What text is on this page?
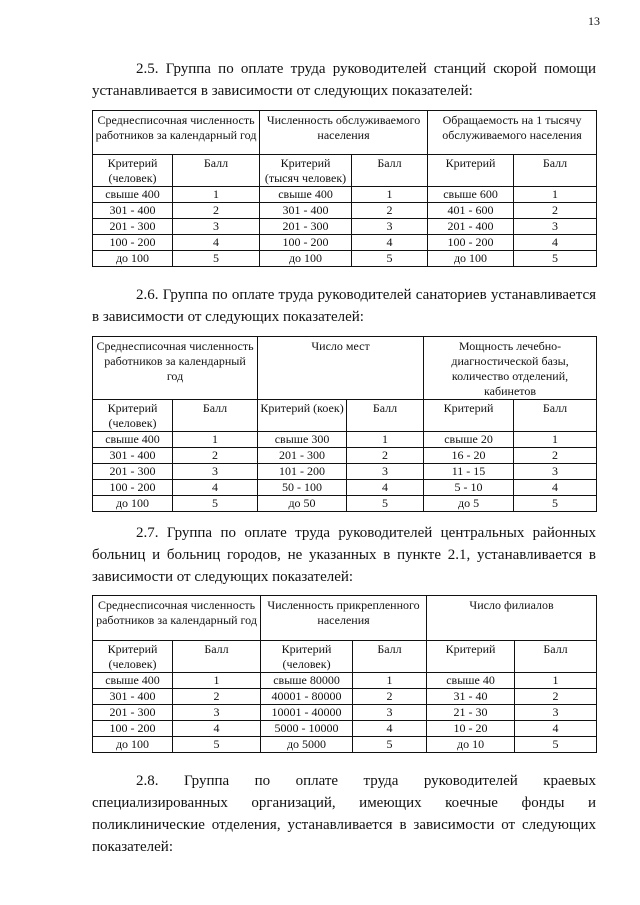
13

2.5. Группа по оплате труда руководителей станций скорой помощи устанавливается в зависимости от следующих показателей:

Среднесписочная численность работников за календарный год		Численность обслуживаемого населения		Обращаемость на 1 тысячу обслуживаемого населения	
Критерий (человек)	Балл	Критерий (тысяч человек)	Балл	Критерий	Балл
свыше 400	1	свыше 400	1	свыше 600	1
301 - 400	2	301 - 400	2	401 - 600	2
201 - 300	3	201 - 300	3	201 - 400	3
100 - 200	4	100 - 200	4	100 - 200	4
до 100	5	до 100	5	до 100	5

2.6. Группа по оплате труда руководителей санаториев устанавливается в зависимости от следующих показателей:

Среднесписочная численность работников за календарный год		Число мест		Мощность лечебно-диагностической базы, количество отделений, кабинетов	
Критерий (человек)	Балл	Критерий (коек)	Балл	Критерий	Балл
свыше 400	1	свыше 300	1	свыше 20	1
301 - 400	2	201 - 300	2	16 - 20	2
201 - 300	3	101 - 200	3	11 - 15	3
100 - 200	4	50 - 100	4	5 - 10	4
до 100	5	до 50	5	до 5	5

2.7. Группа по оплате труда руководителей центральных районных больниц и больниц городов, не указанных в пункте 2.1, устанавливается в зависимости от следующих показателей:

Среднесписочная численность работников за календарный год		Численность прикрепленного населения		Число филиалов	
Критерий (человек)	Балл	Критерий (человек)	Балл	Критерий	Балл
свыше 400	1	свыше 80000	1	свыше 40	1
301 - 400	2	40001 - 80000	2	31 - 40	2
201 - 300	3	10001 - 40000	3	21 - 30	3
100 - 200	4	5000 - 10000	4	10 - 20	4
до 100	5	до 5000	5	до 10	5

2.8. Группа по оплате труда руководителей краевых специализированных организаций, имеющих коечные фонды и поликлинические отделения, устанавливается в зависимости от следующих показателей:
